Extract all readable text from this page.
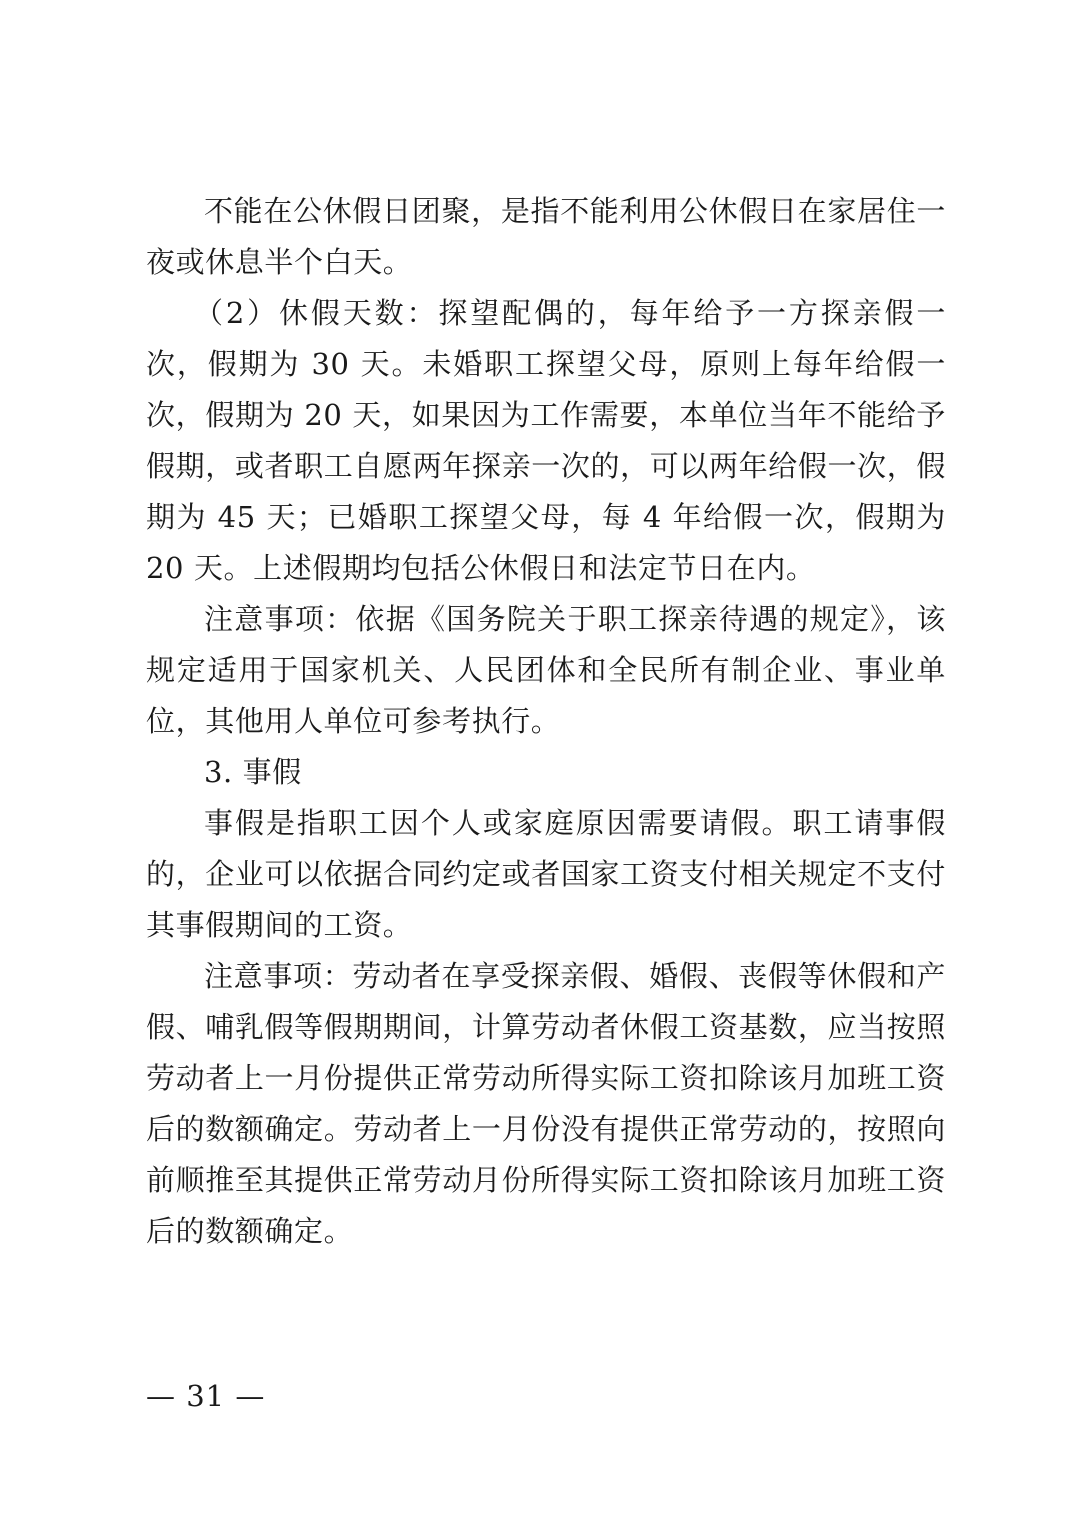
不能在公休假日团聚，是指不能利用公休假日在家居住一夜或休息半个白天。

（2）休假天数：探望配偶的，每年给予一方探亲假一次，假期为 30 天。未婚职工探望父母，原则上每年给假一次，假期为 20 天，如果因为工作需要，本单位当年不能给予假期，或者职工自愿两年探亲一次的，可以两年给假一次，假期为 45 天；已婚职工探望父母，每 4 年给假一次，假期为 20 天。上述假期均包括公休假日和法定节日在内。

注意事项：依据《国务院关于职工探亲待遇的规定》，该规定适用于国家机关、人民团体和全民所有制企业、事业单位，其他用人单位可参考执行。

3. 事假

事假是指职工因个人或家庭原因需要请假。职工请事假的，企业可以依据合同约定或者国家工资支付相关规定不支付其事假期间的工资。

注意事项：劳动者在享受探亲假、婚假、丧假等休假和产假、哺乳假等假期期间，计算劳动者休假工资基数，应当按照劳动者上一月份提供正常劳动所得实际工资扣除该月加班工资后的数额确定。劳动者上一月份没有提供正常劳动的，按照向前顺推至其提供正常劳动月份所得实际工资扣除该月加班工资后的数额确定。

— 31 —
